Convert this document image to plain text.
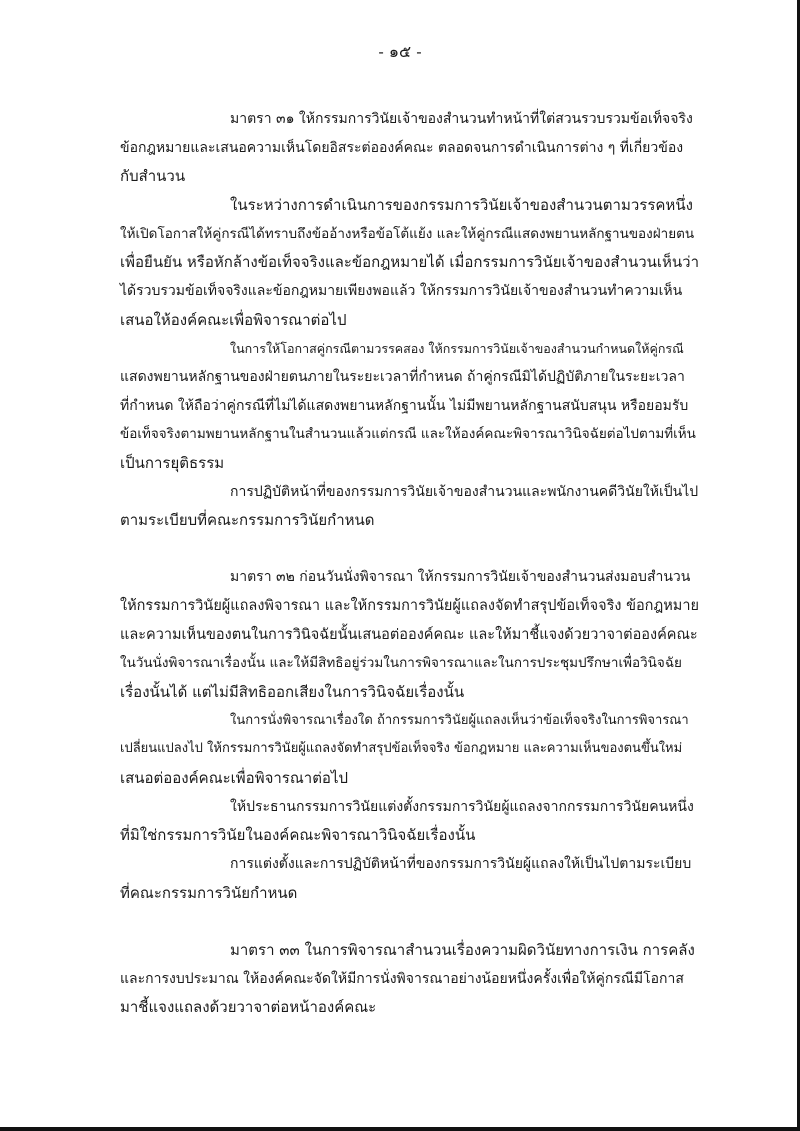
- ๑๕ -
มาตรา ๓๑ ให้กรรมการวินัยเจ้าของสำนวนทำหน้าที่ใต่สวนรวบรวมข้อเท็จจริง
ข้อกฎหมายและเสนอความเห็นโดยอิสระต่อองค์คณะ ตลอดจนการดำเนินการต่าง ๆ ที่เกี่ยวข้อง
กับสำนวน
ในระหว่างการดำเนินการของกรรมการวินัยเจ้าของสำนวนตามวรรคหนึ่ง
ให้เปิดโอกาสให้คู่กรณีได้ทราบถึงข้ออ้างหรือข้อโต้แย้ง และให้คู่กรณีแสดงพยานหลักฐานของฝ่ายตน
เพื่อยืนยัน หรือหักล้างข้อเท็จจริงและข้อกฎหมายได้ เมื่อกรรมการวินัยเจ้าของสำนวนเห็นว่า
ได้รวบรวมข้อเท็จจริงและข้อกฎหมายเพียงพอแล้ว ให้กรรมการวินัยเจ้าของสำนวนทำความเห็น
เสนอให้องค์คณะเพื่อพิจารณาต่อไป
ในการให้โอกาสคู่กรณีตามวรรคสอง ให้กรรมการวินัยเจ้าของสำนวนกำหนดให้คู่กรณี
แสดงพยานหลักฐานของฝ่ายตนภายในระยะเวลาที่กำหนด ถ้าคู่กรณีมิได้ปฏิบัติภายในระยะเวลา
ที่กำหนด ให้ถือว่าคู่กรณีที่ไม่ได้แสดงพยานหลักฐานนั้น ไม่มีพยานหลักฐานสนับสนุน หรือยอมรับ
ข้อเท็จจริงตามพยานหลักฐานในสำนวนแล้วแต่กรณี และให้องค์คณะพิจารณาวินิจฉัยต่อไปตามที่เห็น
เป็นการยุติธรรม
การปฏิบัติหน้าที่ของกรรมการวินัยเจ้าของสำนวนและพนักงานคดีวินัยให้เป็นไป
ตามระเบียบที่คณะกรรมการวินัยกำหนด
มาตรา ๓๒ ก่อนวันนั่งพิจารณา ให้กรรมการวินัยเจ้าของสำนวนส่งมอบสำนวน
ให้กรรมการวินัยผู้แถลงพิจารณา และให้กรรมการวินัยผู้แถลงจัดทำสรุปข้อเท็จจริง ข้อกฎหมาย
และความเห็นของตนในการวินิจฉัยนั้นเสนอต่อองค์คณะ และให้มาชี้แจงด้วยวาจาต่อองค์คณะ
ในวันนั่งพิจารณาเรื่องนั้น และให้มีสิทธิอยู่ร่วมในการพิจารณาและในการประชุมปรึกษาเพื่อวินิจฉัย
เรื่องนั้นได้ แต่ไม่มีสิทธิออกเสียงในการวินิจฉัยเรื่องนั้น
ในการนั่งพิจารณาเรื่องใด ถ้ากรรมการวินัยผู้แถลงเห็นว่าข้อเท็จจริงในการพิจารณา
เปลี่ยนแปลงไป ให้กรรมการวินัยผู้แถลงจัดทำสรุปข้อเท็จจริง ข้อกฎหมาย และความเห็นของตนขึ้นใหม่
เสนอต่อองค์คณะเพื่อพิจารณาต่อไป
ให้ประธานกรรมการวินัยแต่งตั้งกรรมการวินัยผู้แถลงจากกรรมการวินัยคนหนึ่ง
ที่มิใช่กรรมการวินัยในองค์คณะพิจารณาวินิจฉัยเรื่องนั้น
การแต่งตั้งและการปฏิบัติหน้าที่ของกรรมการวินัยผู้แถลงให้เป็นไปตามระเบียบ
ที่คณะกรรมการวินัยกำหนด
มาตรา ๓๓ ในการพิจารณาสำนวนเรื่องความผิดวินัยทางการเงิน การคลัง
และการงบประมาณ ให้องค์คณะจัดให้มีการนั่งพิจารณาอย่างน้อยหนึ่งครั้งเพื่อให้คู่กรณีมีโอกาส
มาชี้แจงแถลงด้วยวาจาต่อหน้าองค์คณะ
